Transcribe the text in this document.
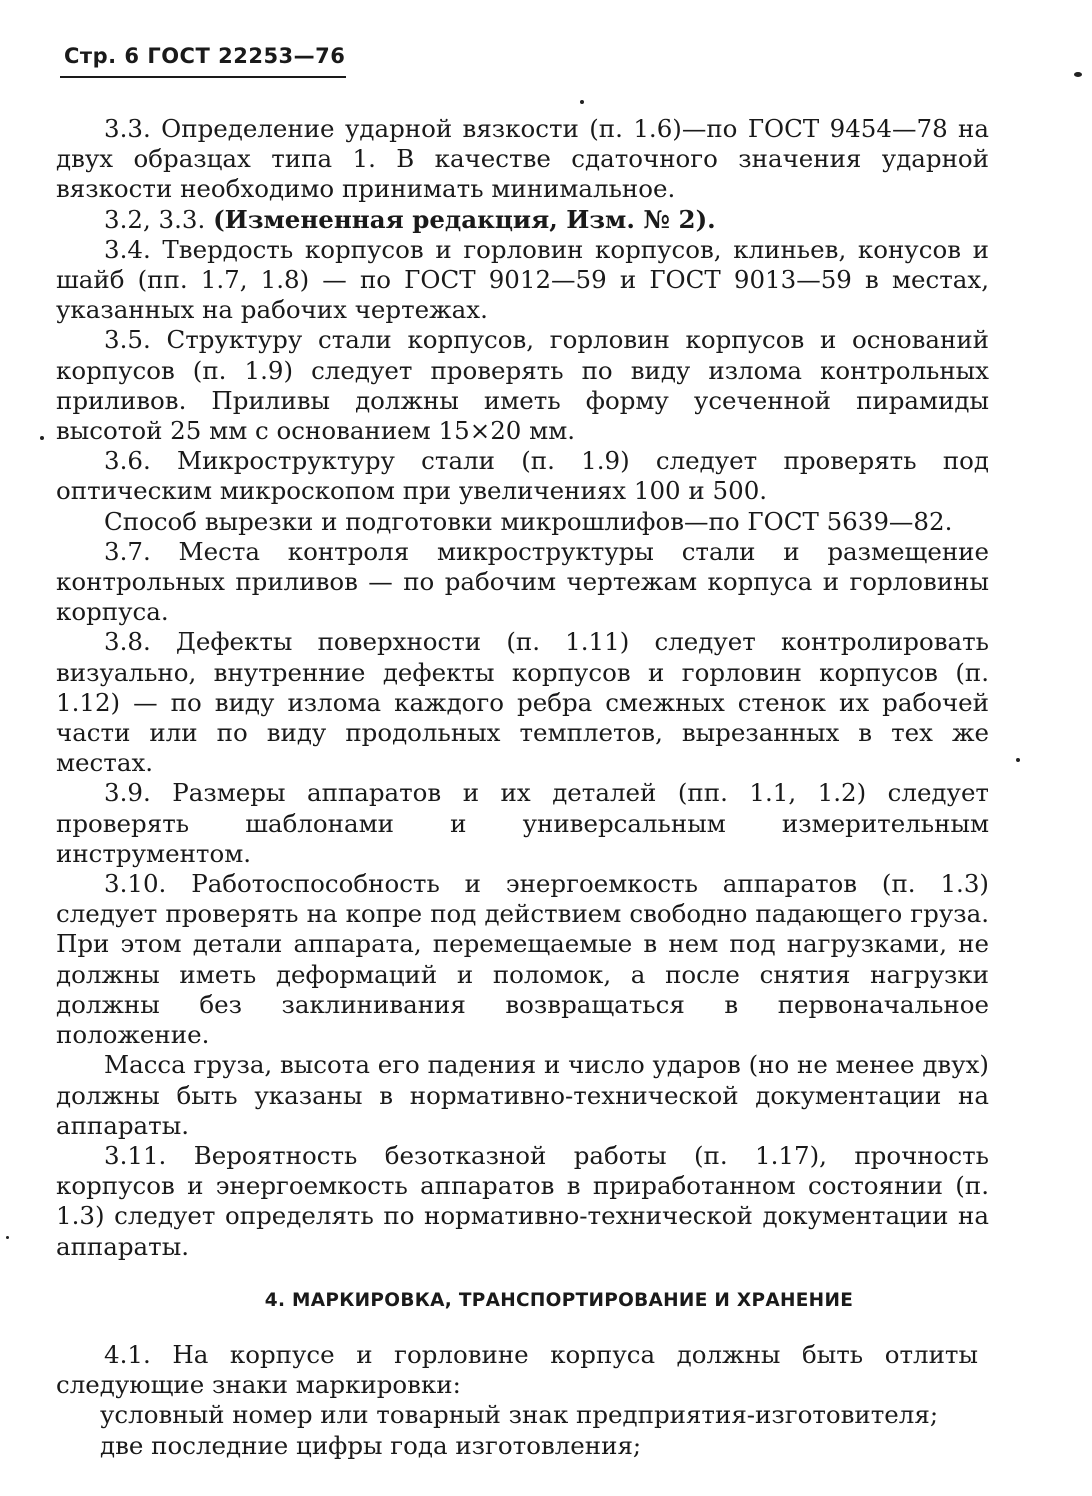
Стр. 6 ГОСТ 22253—76

3.3. Определение ударной вязкости (п. 1.6)—по ГОСТ 9454—78 на двух образцах типа 1. В качестве сдаточного значения ударной вязкости необходимо принимать минимальное.

3.2, 3.3. (Измененная редакция, Изм. № 2).

3.4. Твердость корпусов и горловин корпусов, клиньев, конусов и шайб (пп. 1.7, 1.8) — по ГОСТ 9012—59 и ГОСТ 9013—59 в местах, указанных на рабочих чертежах.

3.5. Структуру стали корпусов, горловин корпусов и оснований корпусов (п. 1.9) следует проверять по виду излома контрольных приливов. Приливы должны иметь форму усеченной пирамиды высотой 25 мм с основанием 15×20 мм.

3.6. Микроструктуру стали (п. 1.9) следует проверять под оптическим микроскопом при увеличениях 100 и 500.

Способ вырезки и подготовки микрошлифов—по ГОСТ 5639—82.

3.7. Места контроля микроструктуры стали и размещение контрольных приливов — по рабочим чертежам корпуса и горловины корпуса.

3.8. Дефекты поверхности (п. 1.11) следует контролировать визуально, внутренние дефекты корпусов и горловин корпусов (п. 1.12) — по виду излома каждого ребра смежных стенок их рабочей части или по виду продольных темплетов, вырезанных в тех же местах.

3.9. Размеры аппаратов и их деталей (пп. 1.1, 1.2) следует проверять шаблонами и универсальным измерительным инструментом.

3.10. Работоспособность и энергоемкость аппаратов (п. 1.3) следует проверять на копре под действием свободно падающего груза. При этом детали аппарата, перемещаемые в нем под нагрузками, не должны иметь деформаций и поломок, а после снятия нагрузки должны без заклинивания возвращаться в первоначальное положение.

Масса груза, высота его падения и число ударов (но не менее двух) должны быть указаны в нормативно-технической документации на аппараты.

3.11. Вероятность безотказной работы (п. 1.17), прочность корпусов и энергоемкость аппаратов в приработанном состоянии (п. 1.3) следует определять по нормативно-технической документации на аппараты.

4. МАРКИРОВКА, ТРАНСПОРТИРОВАНИЕ И ХРАНЕНИЕ

4.1. На корпусе и горловине корпуса должны быть отлиты следующие знаки маркировки:

условный номер или товарный знак предприятия-изготовителя;

две последние цифры года изготовления;
